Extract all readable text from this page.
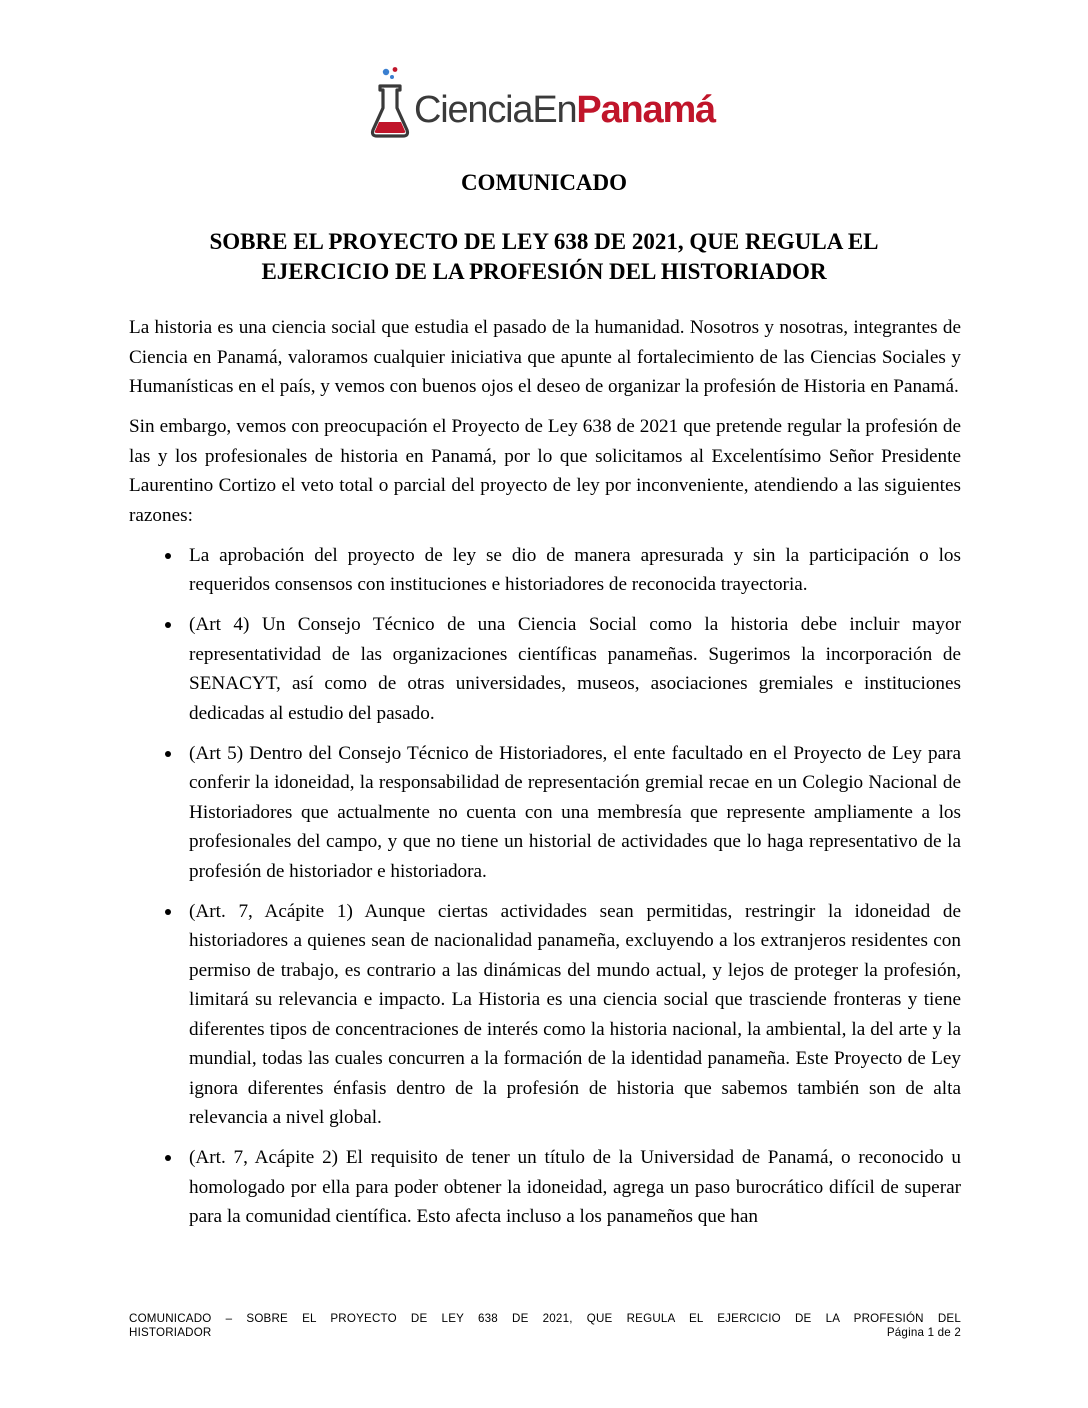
CienciaEnPanamá
COMUNICADO
SOBRE EL PROYECTO DE LEY 638 DE 2021, QUE REGULA EL
EJERCICIO DE LA PROFESIÓN DEL HISTORIADOR

La historia es una ciencia social que estudia el pasado de la humanidad. Nosotros y nosotras, integrantes de Ciencia en Panamá, valoramos cualquier iniciativa que apunte al fortalecimiento de las Ciencias Sociales y Humanísticas en el país, y vemos con buenos ojos el deseo de organizar la profesión de Historia en Panamá.

Sin embargo, vemos con preocupación el Proyecto de Ley 638 de 2021 que pretende regular la profesión de las y los profesionales de historia en Panamá, por lo que solicitamos al Excelentísimo Señor Presidente Laurentino Cortizo el veto total o parcial del proyecto de ley por inconveniente, atendiendo a las siguientes razones:

La aprobación del proyecto de ley se dio de manera apresurada y sin la participación o los requeridos consensos con instituciones e historiadores de reconocida trayectoria.
(Art 4) Un Consejo Técnico de una Ciencia Social como la historia debe incluir mayor representatividad de las organizaciones científicas panameñas. Sugerimos la incorporación de SENACYT, así como de otras universidades, museos, asociaciones gremiales e instituciones dedicadas al estudio del pasado.
(Art 5) Dentro del Consejo Técnico de Historiadores, el ente facultado en el Proyecto de Ley para conferir la idoneidad, la responsabilidad de representación gremial recae en un Colegio Nacional de Historiadores que actualmente no cuenta con una membresía que represente ampliamente a los profesionales del campo, y que no tiene un historial de actividades que lo haga representativo de la profesión de historiador e historiadora.
(Art. 7, Acápite 1) Aunque ciertas actividades sean permitidas, restringir la idoneidad de historiadores a quienes sean de nacionalidad panameña, excluyendo a los extranjeros residentes con permiso de trabajo, es contrario a las dinámicas del mundo actual, y lejos de proteger la profesión, limitará su relevancia e impacto. La Historia es una ciencia social que trasciende fronteras y tiene diferentes tipos de concentraciones de interés como la historia nacional, la ambiental, la del arte y la mundial, todas las cuales concurren a la formación de la identidad panameña. Este Proyecto de Ley ignora diferentes énfasis dentro de la profesión de historia que sabemos también son de alta relevancia a nivel global.
(Art. 7, Acápite 2) El requisito de tener un título de la Universidad de Panamá, o reconocido u homologado por ella para poder obtener la idoneidad, agrega un paso burocrático difícil de superar para la comunidad científica. Esto afecta incluso a los panameños que han
COMUNICADO – SOBRE EL PROYECTO DE LEY 638 DE 2021, QUE REGULA EL EJERCICIO DE LA PROFESIÓN DEL
HISTORIADOR	Página 1 de 2
